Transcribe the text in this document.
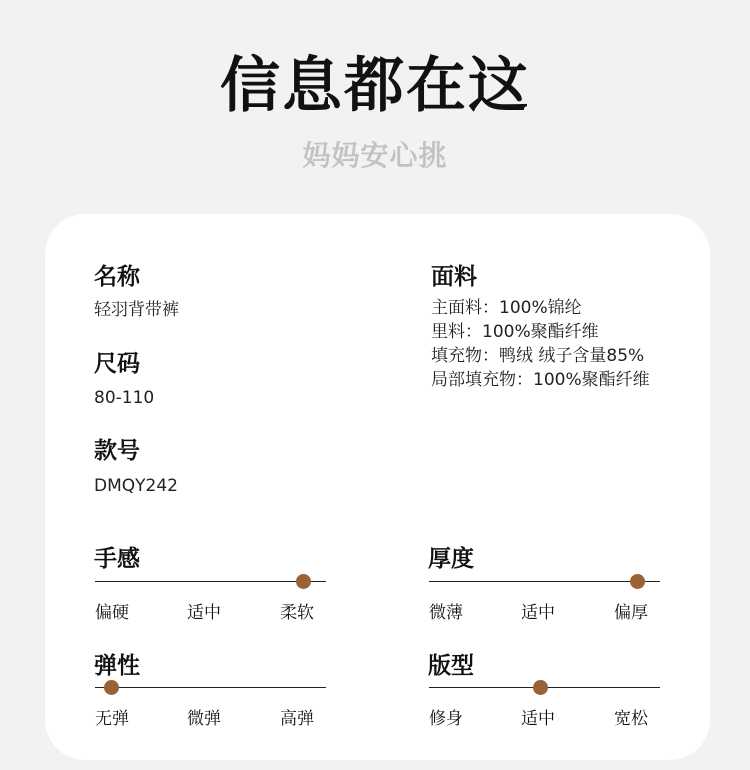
信息都在这
妈妈安心挑
名称
轻羽背带裤
尺码
80-110
款号
DMQY242
面料
主面料：100%锦纶
里料：100%聚酯纤维
填充物：鸭绒 绒子含量85%
局部填充物：100%聚酯纤维
手感
偏硬	适中	柔软
厚度
微薄	适中	偏厚
弹性
无弹	微弹	高弹
版型
修身	适中	宽松
